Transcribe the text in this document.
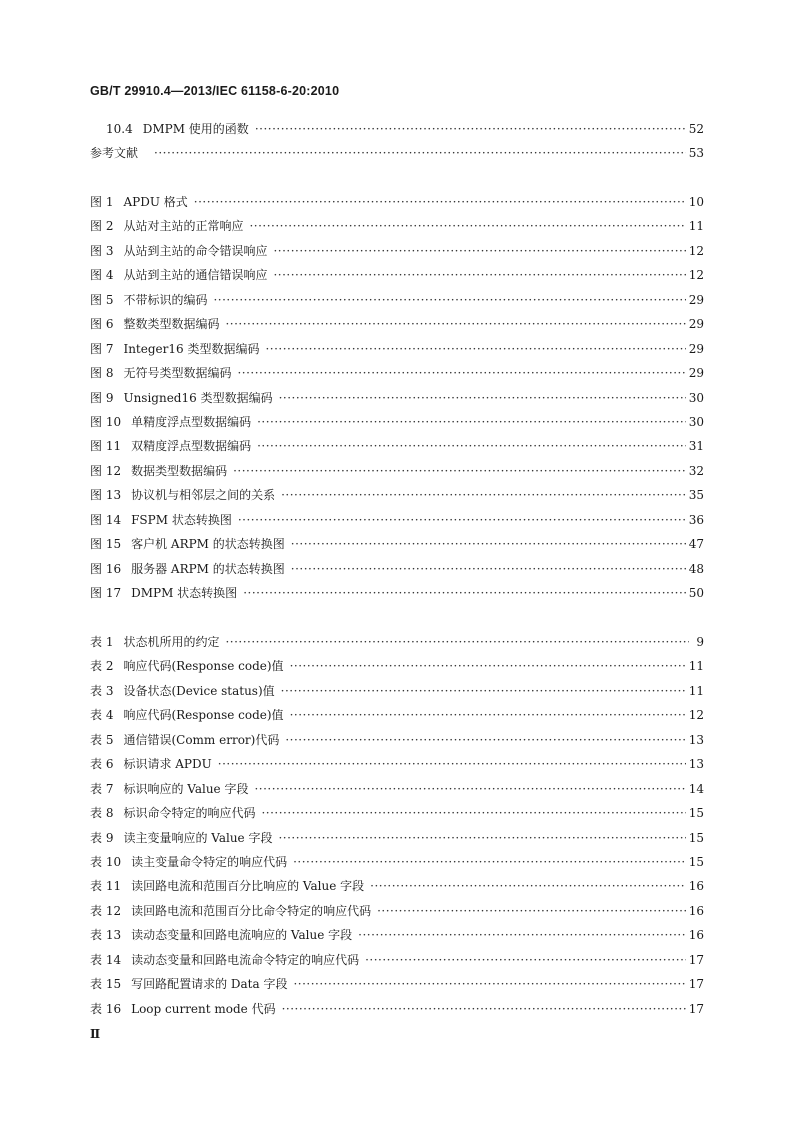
GB/T 29910.4—2013/IEC 61158-6-20:2010
10.4 DMPM 使用的函数 ·····	52
参考文献 ·····	53
图 1 APDU 格式 ·····	10
图 2 从站对主站的正常响应 ·····	11
图 3 从站到主站的命令错误响应 ·····	12
图 4 从站到主站的通信错误响应 ·····	12
图 5 不带标识的编码 ·····	29
图 6 整数类型数据编码 ·····	29
图 7 Integer16 类型数据编码 ·····	29
图 8 无符号类型数据编码 ·····	29
图 9 Unsigned16 类型数据编码 ·····	30
图 10 单精度浮点型数据编码 ·····	30
图 11 双精度浮点型数据编码 ·····	31
图 12 数据类型数据编码 ·····	32
图 13 协议机与相邻层之间的关系 ·····	35
图 14 FSPM 状态转换图 ·····	36
图 15 客户机 ARPM 的状态转换图 ·····	47
图 16 服务器 ARPM 的状态转换图 ·····	48
图 17 DMPM 状态转换图 ·····	50
表 1 状态机所用的约定 ·····	9
表 2 响应代码(Response code)值 ·····	11
表 3 设备状态(Device status)值 ·····	11
表 4 响应代码(Response code)值 ·····	12
表 5 通信错误(Comm error)代码 ·····	13
表 6 标识请求 APDU ·····	13
表 7 标识响应的 Value 字段 ·····	14
表 8 标识命令特定的响应代码 ·····	15
表 9 读主变量响应的 Value 字段 ·····	15
表 10 读主变量命令特定的响应代码 ·····	15
表 11 读回路电流和范围百分比响应的 Value 字段 ·····	16
表 12 读回路电流和范围百分比命令特定的响应代码 ·····	16
表 13 读动态变量和回路电流响应的 Value 字段 ·····	16
表 14 读动态变量和回路电流命令特定的响应代码 ·····	17
表 15 写回路配置请求的 Data 字段 ·····	17
表 16 Loop current mode 代码 ·····	17
Ⅱ
